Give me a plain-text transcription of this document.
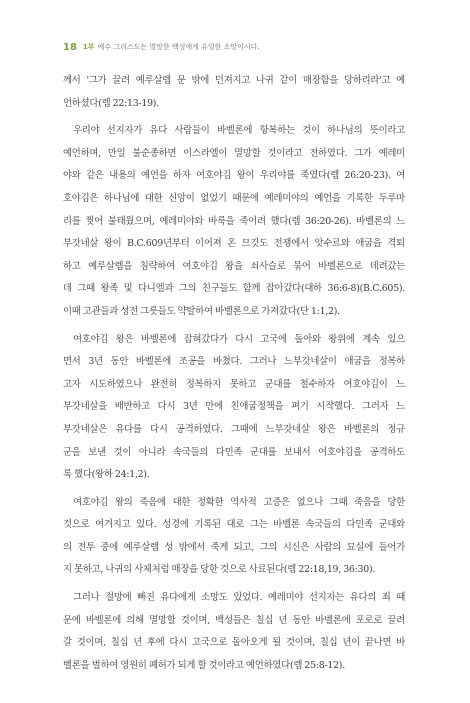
18 1부 예수 그리스도는 멸망한 백성에게 유일한 소망이시다.

께서 '그가 끌려 예루살렘 문 밖에 던져지고 나귀 같이 매장함을 당하리라'고 예
언하셨다(렘 22:13-19).

우리야 선지자가 유다 사람들이 바벨론에 항복하는 것이 하나님의 뜻이라고
예언하며, 만일 불순종하면 이스라엘이 멸망할 것이라고 전하였다. 그가 예레미
야와 같은 내용의 예언을 하자 여호야김 왕이 우리야를 죽였다(렘 26:20-23). 여
호야김은 하나님에 대한 신앙이 없었기 때문에 예레미야의 예언을 기록한 두루마
리를 찢어 불태웠으며, 예레미야와 바룩을 죽이려 했다(렘 36:20-26). 바벨론의 느
부갓네살 왕이 B.C.609년부터 이어져 온 므깃도 전쟁에서 앗수르와 애굽을 격퇴
하고 예루살렘을 침략하여 여호야김 왕을 쇠사슬로 묶어 바벨론으로 데려갔는
데 그때 왕족 및 다니엘과 그의 친구들도 함께 잡아갔다(대하 36:6-8)(B.C.605).
이때 고관들과 성전 그릇들도 약탈하여 바벨론으로 가져갔다(단 1:1,2).

여호야김 왕은 바벨론에 잡혀갔다가 다시 고국에 돌아와 왕위에 계속 있으
면서 3년 동안 바벨론에 조공을 바쳤다. 그러나 느부갓네살이 애굽을 정복하
고자 시도하였으나 완전히 정복하지 못하고 군대를 철수하자 여호야김이 느
부갓네살을 배반하고 다시 3년 만에 친애굽정책을 펴기 시작했다. 그러자 느
부갓네살은 유다를 다시 공격하였다. 그때에 느부갓네살 왕은 바벨론의 정규
군을 보낸 것이 아니라 속국들의 다민족 군대를 보내서 여호야김을 공격하도
록 했다(왕하 24:1,2).

여호야김 왕의 죽음에 대한 정확한 역사적 고증은 없으나 그때 죽음을 당한
것으로 여겨지고 있다. 성경에 기록된 대로 그는 바벨론 속국들의 다민족 군대와
의 전투 중에 예루살렘 성 밖에서 죽게 되고, 그의 시신은 사람의 묘실에 들어가
지 못하고, 나귀의 사체처럼 매장을 당한 것으로 사료된다(렘 22:18,19, 36:30).

그러나 절망에 빠진 유다에게 소망도 있었다. 예레미야 선지자는 유다의 죄 때
문에 바벨론에 의해 멸망할 것이며, 백성들은 칠십 년 동안 바벨론에 포로로 끌려
갈 것이며, 칠십 년 후에 다시 고국으로 돌아오게 될 것이며, 칠십 년이 끝나면 바
벨론을 벌하여 영원히 폐허가 되게 할 것이라고 예언하였다(렘 25:8-12).
